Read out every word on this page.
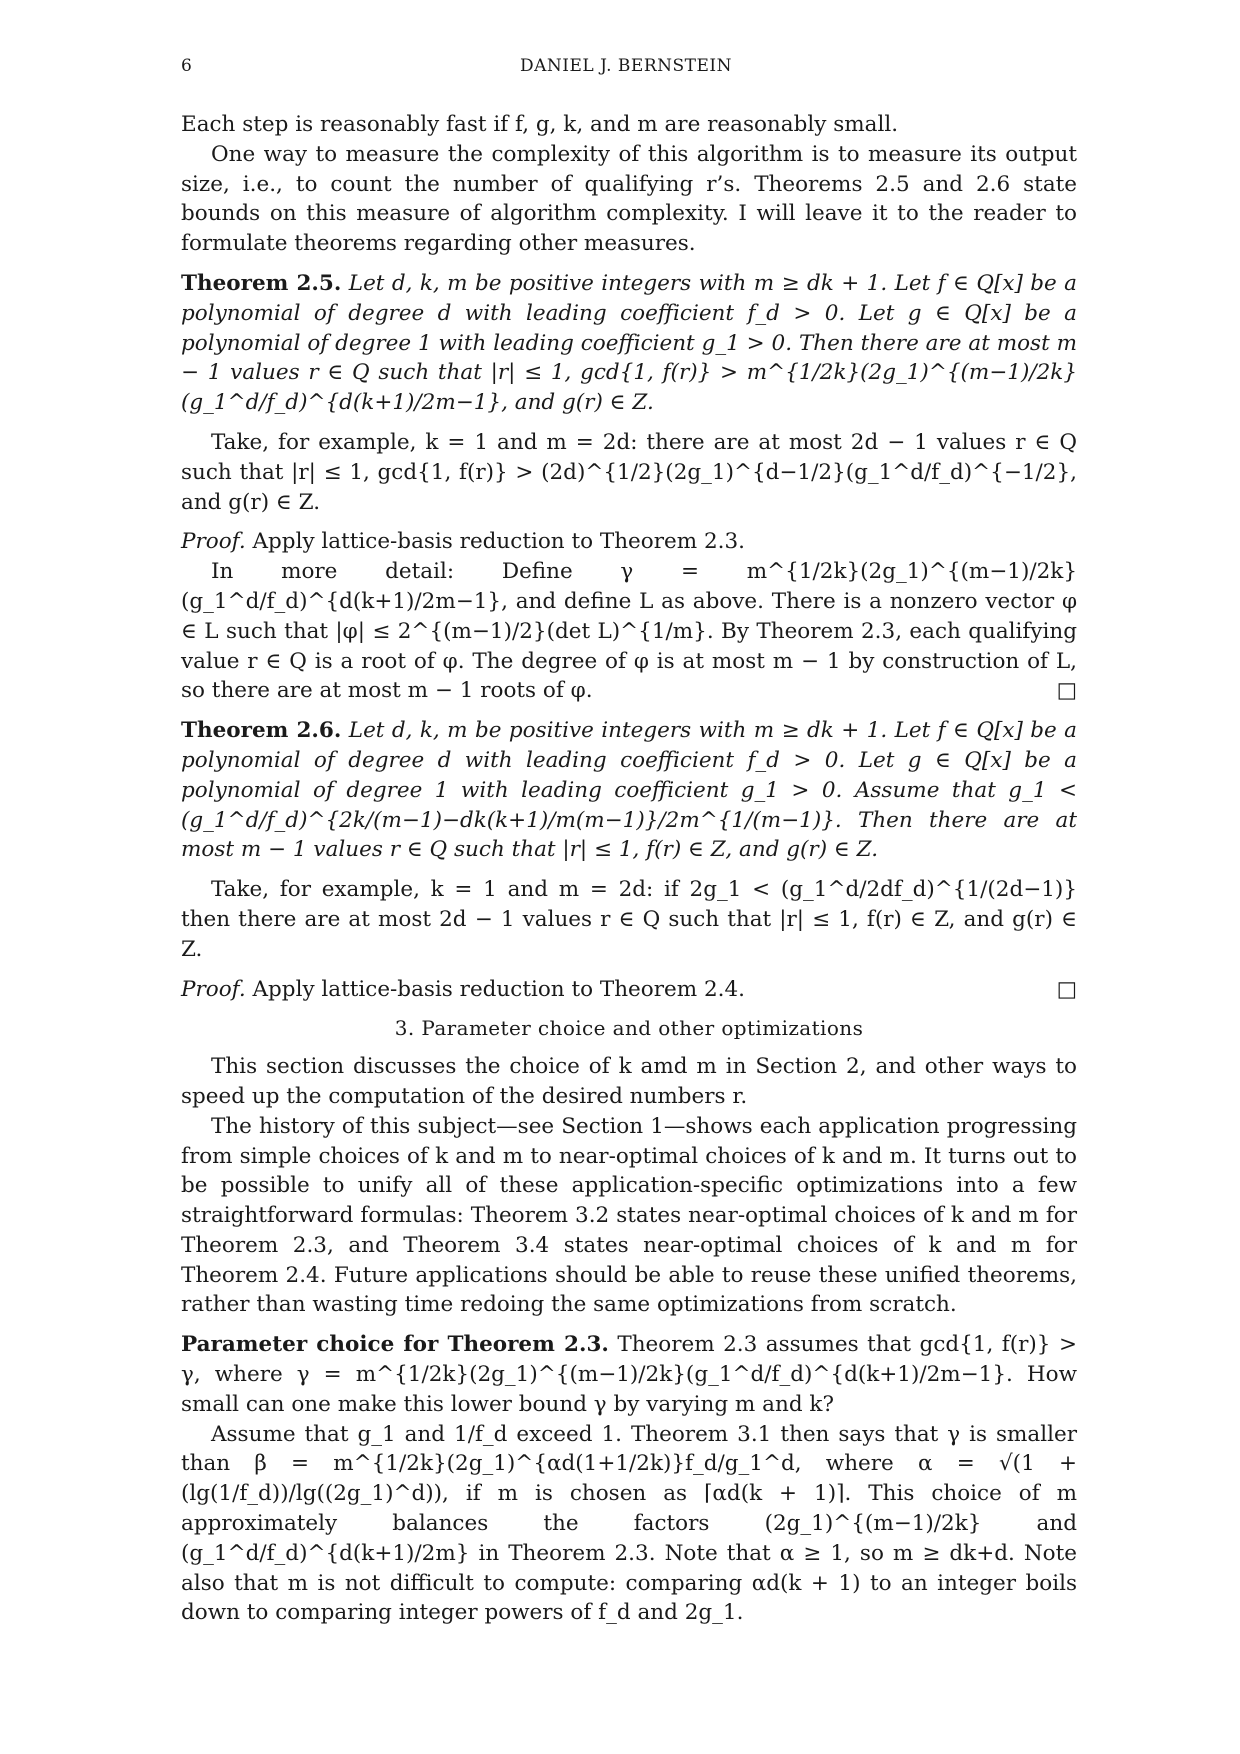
6	DANIEL J. BERNSTEIN

Each step is reasonably fast if f, g, k, and m are reasonably small.

One way to measure the complexity of this algorithm is to measure its output size, i.e., to count the number of qualifying r’s. Theorems 2.5 and 2.6 state bounds on this measure of algorithm complexity. I will leave it to the reader to formulate theorems regarding other measures.

Theorem 2.5. Let d, k, m be positive integers with m ≥ dk + 1. Let f ∈ Q[x] be a polynomial of degree d with leading coefficient f_d > 0. Let g ∈ Q[x] be a polynomial of degree 1 with leading coefficient g_1 > 0. Then there are at most m − 1 values r ∈ Q such that |r| ≤ 1, gcd{1, f(r)} > m^{1/2k}(2g_1)^{(m−1)/2k}(g_1^d/f_d)^{d(k+1)/2m−1}, and g(r) ∈ Z.

Take, for example, k = 1 and m = 2d: there are at most 2d − 1 values r ∈ Q such that |r| ≤ 1, gcd{1, f(r)} > (2d)^{1/2}(2g_1)^{d−1/2}(g_1^d/f_d)^{−1/2}, and g(r) ∈ Z.

Proof. Apply lattice-basis reduction to Theorem 2.3.

In more detail: Define γ = m^{1/2k}(2g_1)^{(m−1)/2k}(g_1^d/f_d)^{d(k+1)/2m−1}, and define L as above. There is a nonzero vector φ ∈ L such that |φ| ≤ 2^{(m−1)/2}(det L)^{1/m}. By Theorem 2.3, each qualifying value r ∈ Q is a root of φ. The degree of φ is at most m − 1 by construction of L, so there are at most m − 1 roots of φ.	□

Theorem 2.6. Let d, k, m be positive integers with m ≥ dk + 1. Let f ∈ Q[x] be a polynomial of degree d with leading coefficient f_d > 0. Let g ∈ Q[x] be a polynomial of degree 1 with leading coefficient g_1 > 0. Assume that g_1 < (g_1^d/f_d)^{2k/(m−1)−dk(k+1)/m(m−1)}/2m^{1/(m−1)}. Then there are at most m − 1 values r ∈ Q such that |r| ≤ 1, f(r) ∈ Z, and g(r) ∈ Z.

Take, for example, k = 1 and m = 2d: if 2g_1 < (g_1^d/2df_d)^{1/(2d−1)} then there are at most 2d − 1 values r ∈ Q such that |r| ≤ 1, f(r) ∈ Z, and g(r) ∈ Z.

Proof. Apply lattice-basis reduction to Theorem 2.4.	□

3. Parameter choice and other optimizations

This section discusses the choice of k amd m in Section 2, and other ways to speed up the computation of the desired numbers r.

The history of this subject—see Section 1—shows each application progressing from simple choices of k and m to near-optimal choices of k and m. It turns out to be possible to unify all of these application-specific optimizations into a few straightforward formulas: Theorem 3.2 states near-optimal choices of k and m for Theorem 2.3, and Theorem 3.4 states near-optimal choices of k and m for Theorem 2.4. Future applications should be able to reuse these unified theorems, rather than wasting time redoing the same optimizations from scratch.

Parameter choice for Theorem 2.3. Theorem 2.3 assumes that gcd{1, f(r)} > γ, where γ = m^{1/2k}(2g_1)^{(m−1)/2k}(g_1^d/f_d)^{d(k+1)/2m−1}. How small can one make this lower bound γ by varying m and k?

Assume that g_1 and 1/f_d exceed 1. Theorem 3.1 then says that γ is smaller than β = m^{1/2k}(2g_1)^{αd(1+1/2k)}f_d/g_1^d, where α = √(1 + (lg(1/f_d))/lg((2g_1)^d)), if m is chosen as ⌈αd(k + 1)⌉. This choice of m approximately balances the factors (2g_1)^{(m−1)/2k} and (g_1^d/f_d)^{d(k+1)/2m} in Theorem 2.3. Note that α ≥ 1, so m ≥ dk+d. Note also that m is not difficult to compute: comparing αd(k + 1) to an integer boils down to comparing integer powers of f_d and 2g_1.
